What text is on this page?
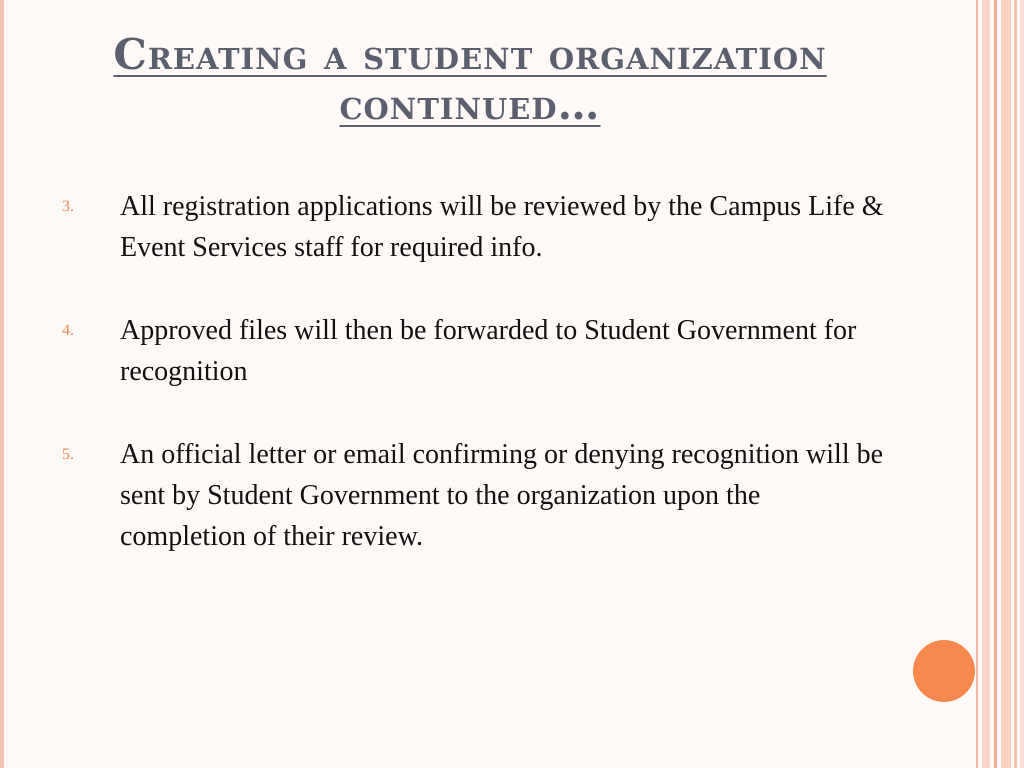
Creating a student organization continued…
3. All registration applications will be reviewed by the Campus Life & Event Services staff for required info.
4. Approved files will then be forwarded to Student Government for recognition
5. An official letter or email confirming or denying recognition will be sent by Student Government to the organization upon the completion of their review.
